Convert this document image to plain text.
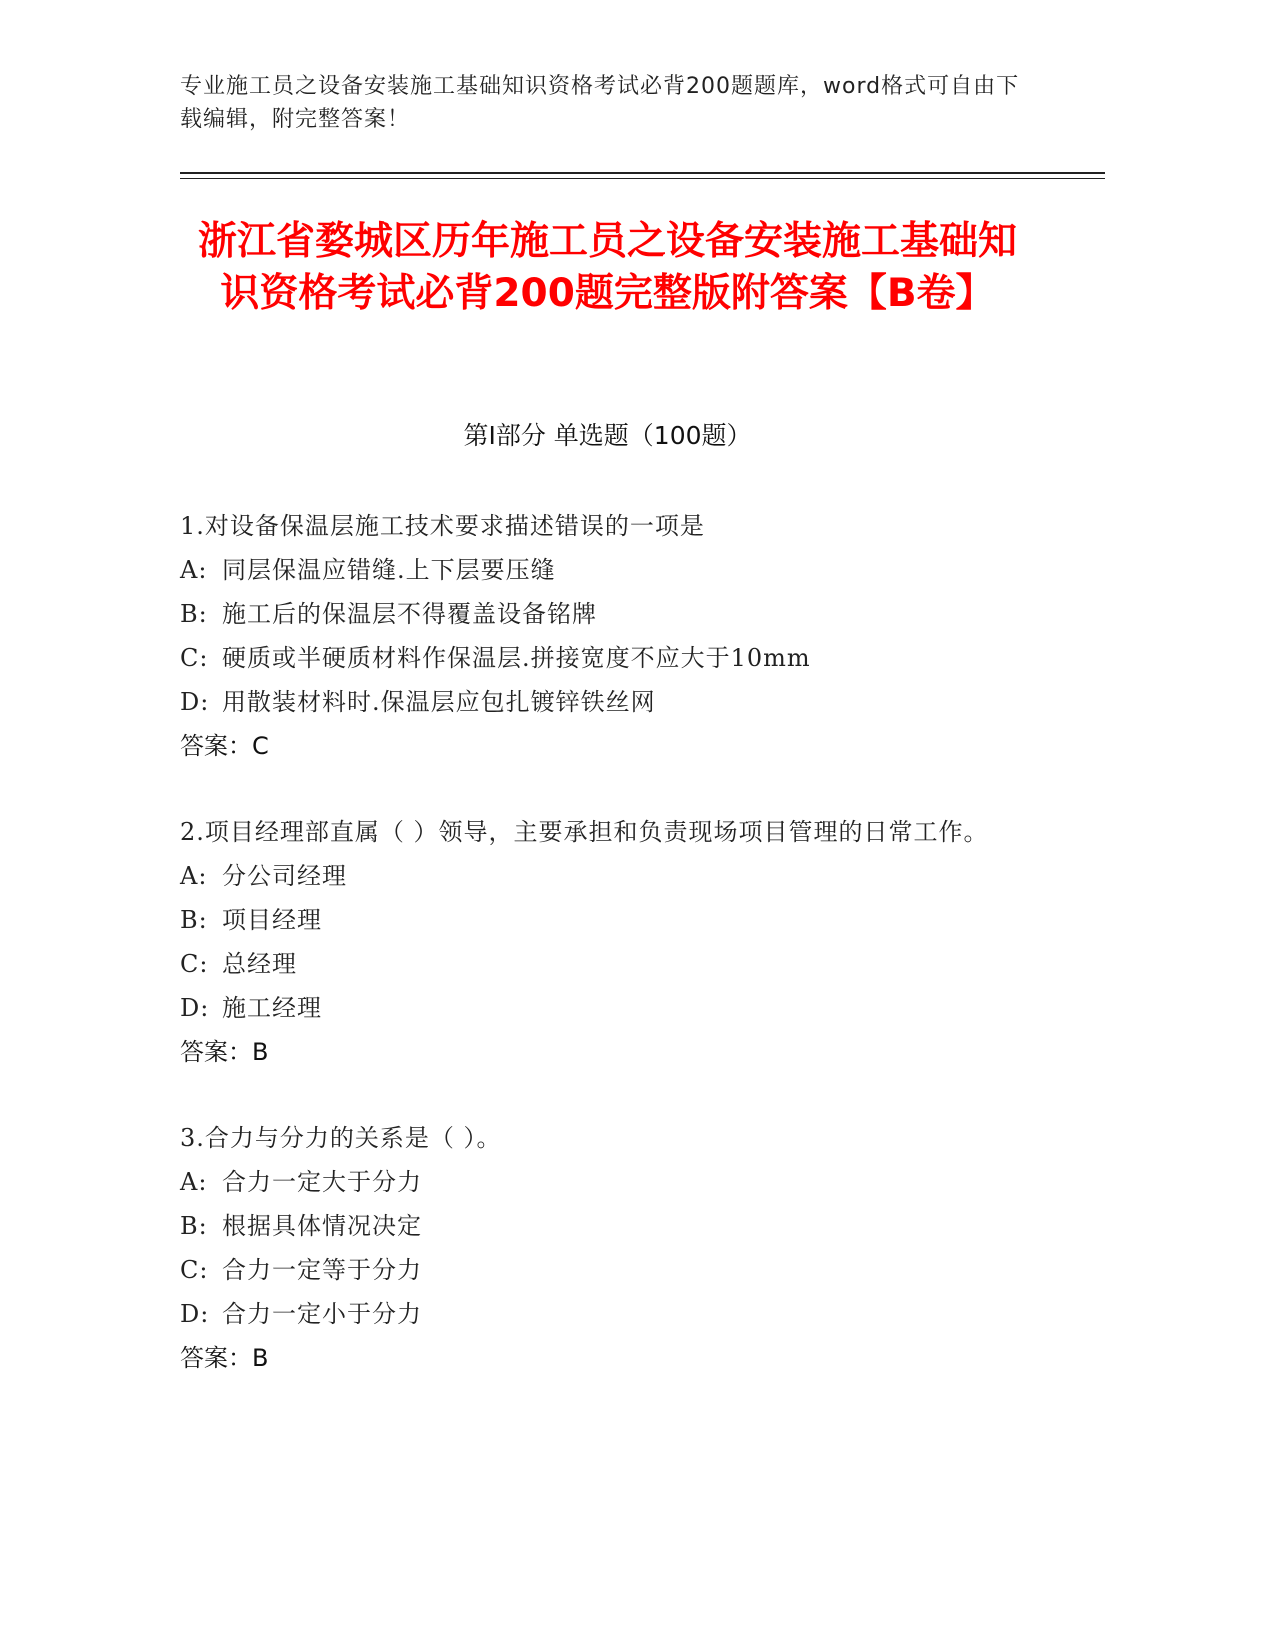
专业施工员之设备安装施工基础知识资格考试必背200题题库，word格式可自由下载编辑，附完整答案！
浙江省婺城区历年施工员之设备安装施工基础知识资格考试必背200题完整版附答案【B卷】
第I部分 单选题（100题）
1.对设备保温层施工技术要求描述错误的一项是
A: 同层保温应错缝.上下层要压缝
B: 施工后的保温层不得覆盖设备铭牌
C: 硬质或半硬质材料作保温层.拼接宽度不应大于10mm
D: 用散装材料时.保温层应包扎镀锌铁丝网
答案：C
2.项目经理部直属（ ）领导，主要承担和负责现场项目管理的日常工作。
A: 分公司经理
B: 项目经理
C: 总经理
D: 施工经理
答案：B
3.合力与分力的关系是（ ）。
A: 合力一定大于分力
B: 根据具体情况决定
C: 合力一定等于分力
D: 合力一定小于分力
答案：B
